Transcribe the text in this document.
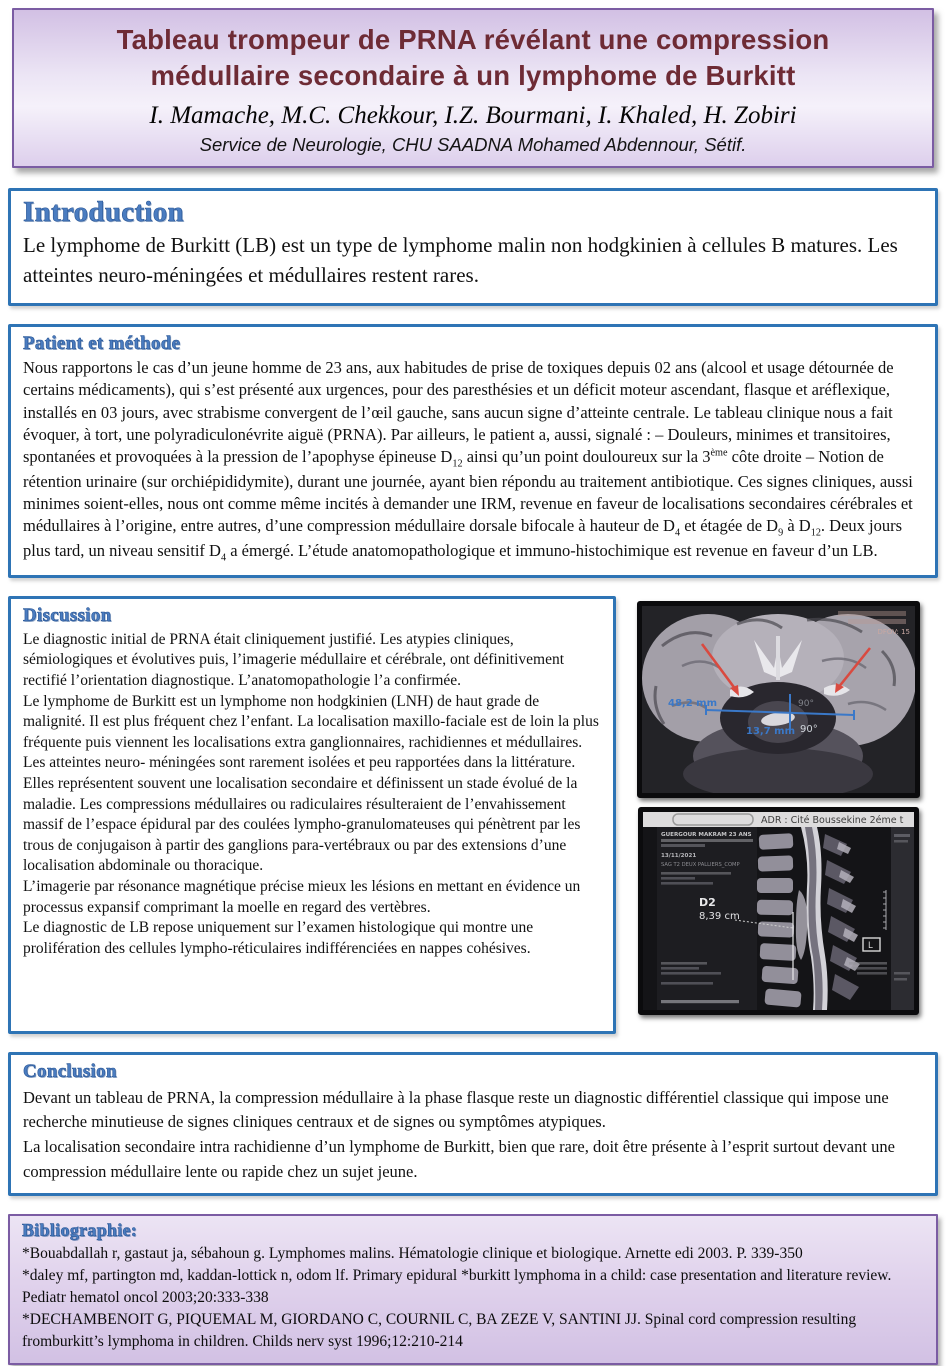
Tableau trompeur de PRNA révélant une compression médullaire secondaire à un lymphome de Burkitt
I. Mamache, M.C. Chekkour, I.Z. Bourmani, I. Khaled, H. Zobiri
Service de Neurologie, CHU SAADNA Mohamed Abdennour, Sétif.
Introduction

Le lymphome de Burkitt (LB) est un type de lymphome malin non hodgkinien à cellules B matures. Les atteintes neuro-méningées et médullaires restent rares.

Patient et méthode

Nous rapportons le cas d’un jeune homme de 23 ans, aux habitudes de prise de toxiques depuis 02 ans (alcool et usage détournée de certains médicaments), qui s’est présenté aux urgences, pour des paresthésies et un déficit moteur ascendant, flasque et aréflexique, installés en 03 jours, avec strabisme convergent de l’œil gauche, sans aucun signe d’atteinte centrale. Le tableau clinique nous a fait évoquer, à tort, une polyradiculonévrite aiguë (PRNA). Par ailleurs, le patient a, aussi, signalé : – Douleurs, minimes et transitoires, spontanées et provoquées à la pression de l’apophyse épineuse $D_{12}$ ainsi qu’un point douloureux sur la 3ème côte droite – Notion de rétention urinaire (sur orchiépididymite), durant une journée, ayant bien répondu au traitement antibiotique. Ces signes cliniques, aussi minimes soient-elles, nous ont comme même incités à demander une IRM, revenue en faveur de localisations secondaires cérébrales et médullaires à l’origine, entre autres, d’une compression médullaire dorsale bifocale à hauteur de $D_4$ et étagée de $D_9$ à $D_{12}$. Deux jours plus tard, un niveau sensitif $D_4$ a émergé. L’étude anatomopathologique et immuno-histochimique est revenue en faveur d’un LB.

Discussion

Le diagnostic initial de PRNA était cliniquement justifié. Les atypies cliniques, sémiologiques et évolutives puis, l’imagerie médullaire et cérébrale, ont définitivement rectifié l’orientation diagnostique. L’anatomopathologie l’a confirmée.

Le lymphome de Burkitt est un lymphome non hodgkinien (LNH) de haut grade de malignité. Il est plus fréquent chez l’enfant. La localisation maxillo-faciale est de loin la plus fréquente puis viennent les localisations extra ganglionnaires, rachidiennes et médullaires. Les atteintes neuro- méningées sont rarement isolées et peu rapportées dans la littérature. Elles représentent souvent une localisation secondaire et définissent un stade évolué de la maladie. Les compressions médullaires ou radiculaires résulteraient de l’envahissement massif de l’espace épidural par des coulées lympho-granulomateuses qui pénètrent par les trous de conjugaison à partir des ganglions para-vertébraux ou par des extensions d’une localisation abdominale ou thoracique.

L’imagerie par résonance magnétique précise mieux les lésions en mettant en évidence un processus expansif comprimant la moelle en regard des vertèbres.

Le diagnostic de LB repose uniquement sur l’examen histologique qui montre une prolifération des cellules lympho-réticulaires indifférenciées en nappes cohésives.

DFOV: 15
48,2 mm
13,7 mm
90°
90°
ADR : Cité Boussekine 2éme t
GUERGOUR MAKRAM 23 ANS
13/11/2021
SAG T2 DEUX PALLIERS_COMP
D2
8,39 cm
L
Conclusion

Devant un tableau de PRNA, la compression médullaire à la phase flasque reste un diagnostic différentiel classique qui impose une recherche minutieuse de signes cliniques centraux et de signes ou symptômes atypiques.

La localisation secondaire intra rachidienne d’un lymphome de Burkitt, bien que rare, doit être présente à l’esprit surtout devant une compression médullaire lente ou rapide chez un sujet jeune.

Bibliographie:

*Bouabdallah r, gastaut ja, sébahoun g. Lymphomes malins. Hématologie clinique et biologique. Arnette edi 2003. P. 339-350

*daley mf, partington md, kaddan-lottick n, odom lf. Primary epidural *burkitt lymphoma in a child: case presentation and literature review. Pediatr hematol oncol 2003;20:333-338

*DECHAMBENOIT G, PIQUEMAL M, GIORDANO C, COURNIL C, BA ZEZE V, SANTINI JJ. Spinal cord compression resulting fromburkitt’s lymphoma in children. Childs nerv syst 1996;12:210-214
